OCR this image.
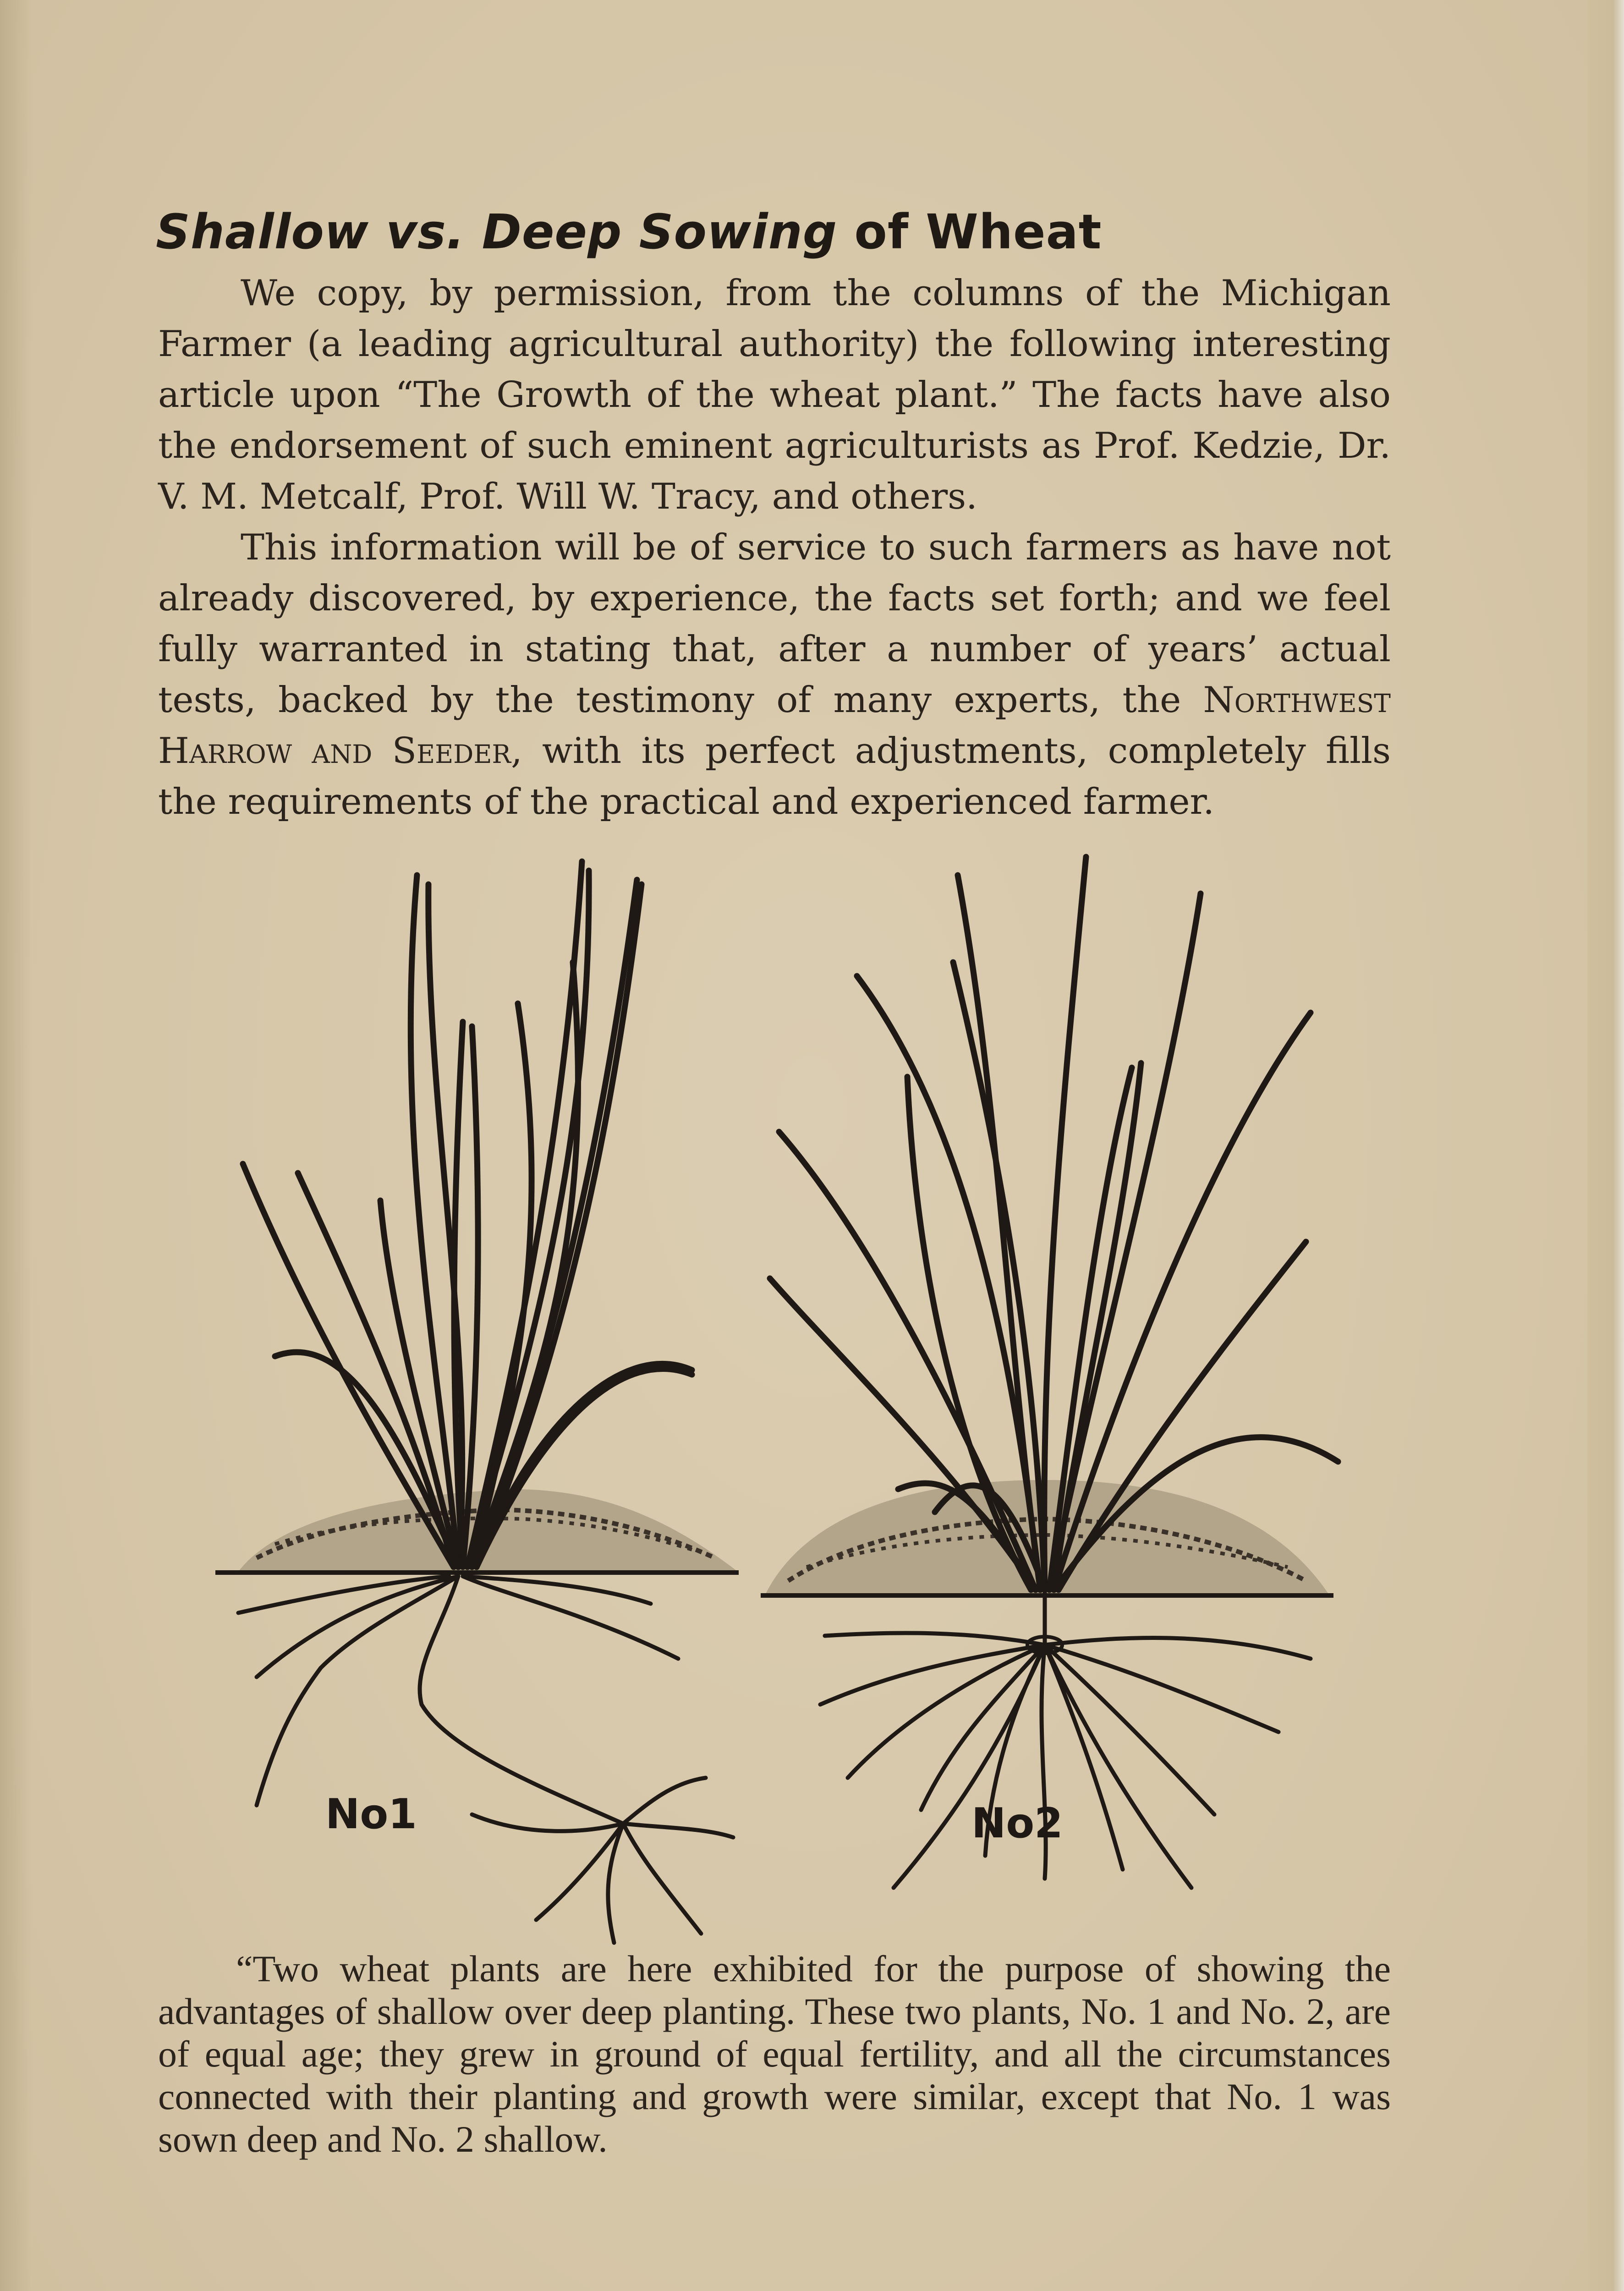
Shallow vs. Deep Sowing of Wheat

We copy, by permission, from the columns of the Michigan Farmer (a leading agricultural authority) the following interesting article upon “The Growth of the wheat plant.” The facts have also the endorsement of such eminent agriculturists as Prof. Kedzie, Dr. V. M. Metcalf, Prof. Will W. Tracy, and others.

This information will be of service to such farmers as have not already discovered, by experience, the facts set forth; and we feel fully warranted in stating that, after a number of years’ actual tests, backed by the testimony of many experts, the Northwest Harrow and Seeder, with its perfect adjustments, completely fills the requirements of the practical and experienced farmer.

No1	No2

“Two wheat plants are here exhibited for the purpose of showing the advantages of shallow over deep planting. These two plants, No. 1 and No. 2, are of equal age; they grew in ground of equal fertility, and all the circumstances connected with their planting and growth were similar, except that No. 1 was sown deep and No. 2 shallow.
